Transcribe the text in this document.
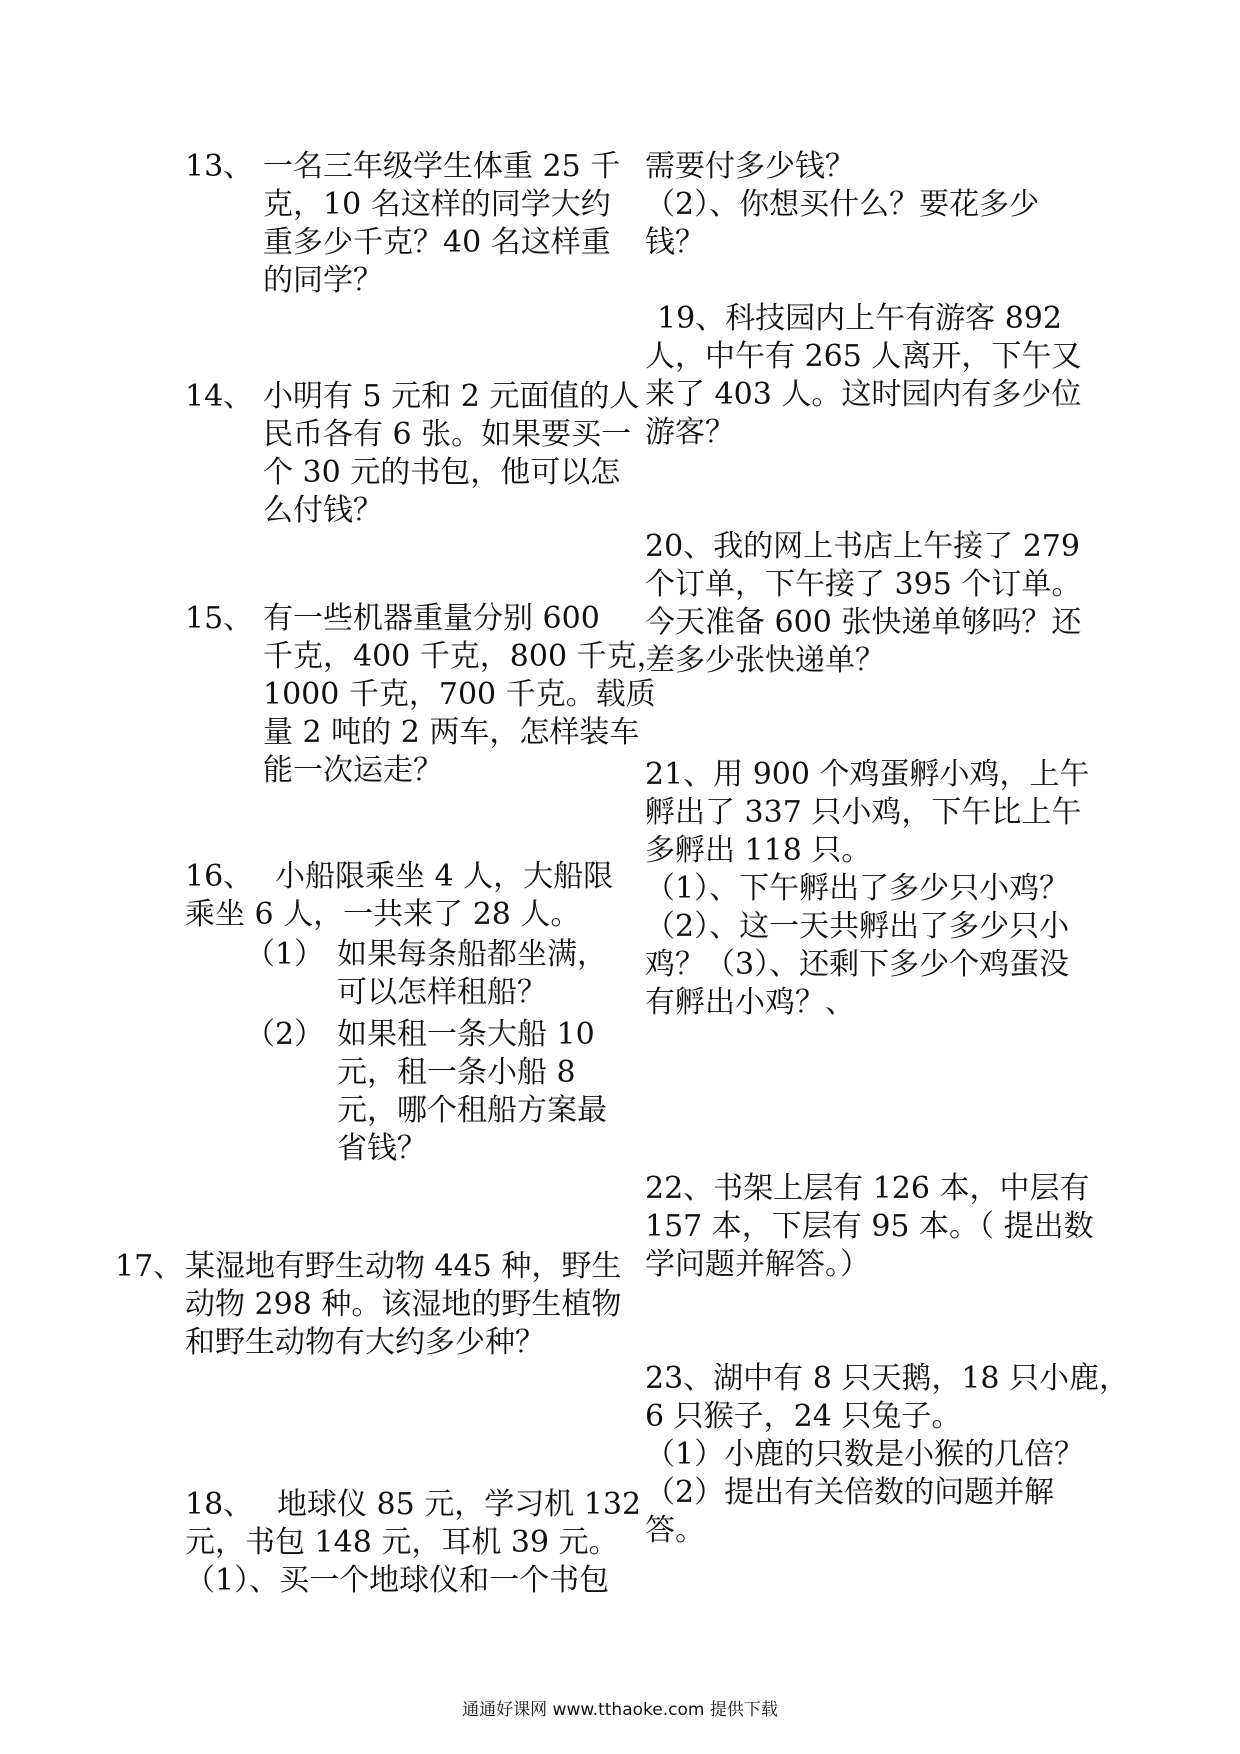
13、 一名三年级学生体重 25 千
克，10 名这样的同学大约
重多少千克？40 名这样重
的同学？
14、 小明有 5 元和 2 元面值的人
民币各有 6 张。如果要买一
个 30 元的书包，他可以怎
么付钱？
15、 有一些机器重量分别 600
千克，400 千克，800 千克，
1000 千克，700 千克。载质
量 2 吨的 2 两车，怎样装车
能一次运走？
16、 小船限乘坐 4 人，大船限
乘坐 6 人，一共来了 28 人。
（1） 如果每条船都坐满，
可以怎样租船？
（2） 如果租一条大船 10
元，租一条小船 8
元，哪个租船方案最
省钱？
17、 某湿地有野生动物 445 种，野生
动物 298 种。该湿地的野生植物
和野生动物有大约多少种？
18、 地球仪 85 元，学习机 132
元，书包 148 元，耳机 39 元。
（1）、买一个地球仪和一个书包
需要付多少钱？
（2）、你想买什么？要花多少
钱？
19、科技园内上午有游客 892
人，中午有 265 人离开，下午又
来了 403 人。这时园内有多少位
游客？
20、我的网上书店上午接了 279
个订单，下午接了 395 个订单。
今天准备 600 张快递单够吗？还
差多少张快递单？
21、用 900 个鸡蛋孵小鸡，上午
孵出了 337 只小鸡，下午比上午
多孵出 118 只。
（1）、下午孵出了多少只小鸡？
（2）、这一天共孵出了多少只小
鸡？（3）、还剩下多少个鸡蛋没
有孵出小鸡？、
22、书架上层有 126 本，中层有
157 本，下层有 95 本。（ 提出数
学问题并解答。）
23、湖中有 8 只天鹅，18 只小鹿，
6 只猴子，24 只兔子。
（1）小鹿的只数是小猴的几倍？
（2）提出有关倍数的问题并解
答。
通通好课网 www.tthaoke.com 提供下载
